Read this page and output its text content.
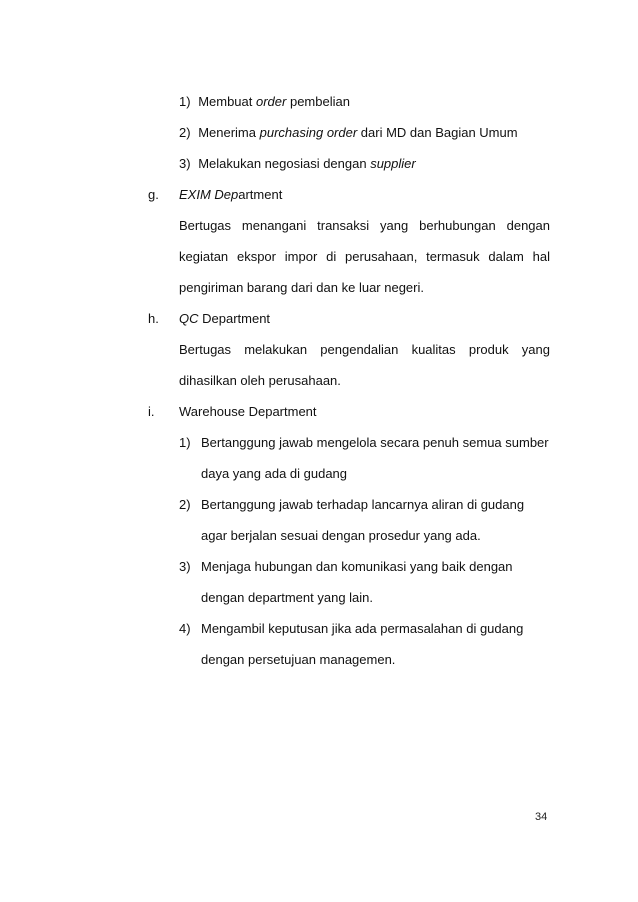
1) Membuat order pembelian
2) Menerima purchasing order dari MD dan Bagian Umum
3) Melakukan negosiasi dengan supplier
g. EXIM Department
Bertugas menangani transaksi yang berhubungan dengan
kegiatan ekspor impor di perusahaan, termasuk dalam hal
pengiriman barang dari dan ke luar negeri.
h. QC Department
Bertugas melakukan pengendalian kualitas produk yang
dihasilkan oleh perusahaan.
i. Warehouse Department
1) Bertanggung jawab mengelola secara penuh semua sumber
daya yang ada di gudang
2) Bertanggung jawab terhadap lancarnya aliran di gudang
agar berjalan sesuai dengan prosedur yang ada.
3) Menjaga hubungan dan komunikasi yang baik dengan
dengan department yang lain.
4) Mengambil keputusan jika ada permasalahan di gudang
dengan persetujuan managemen.
34
